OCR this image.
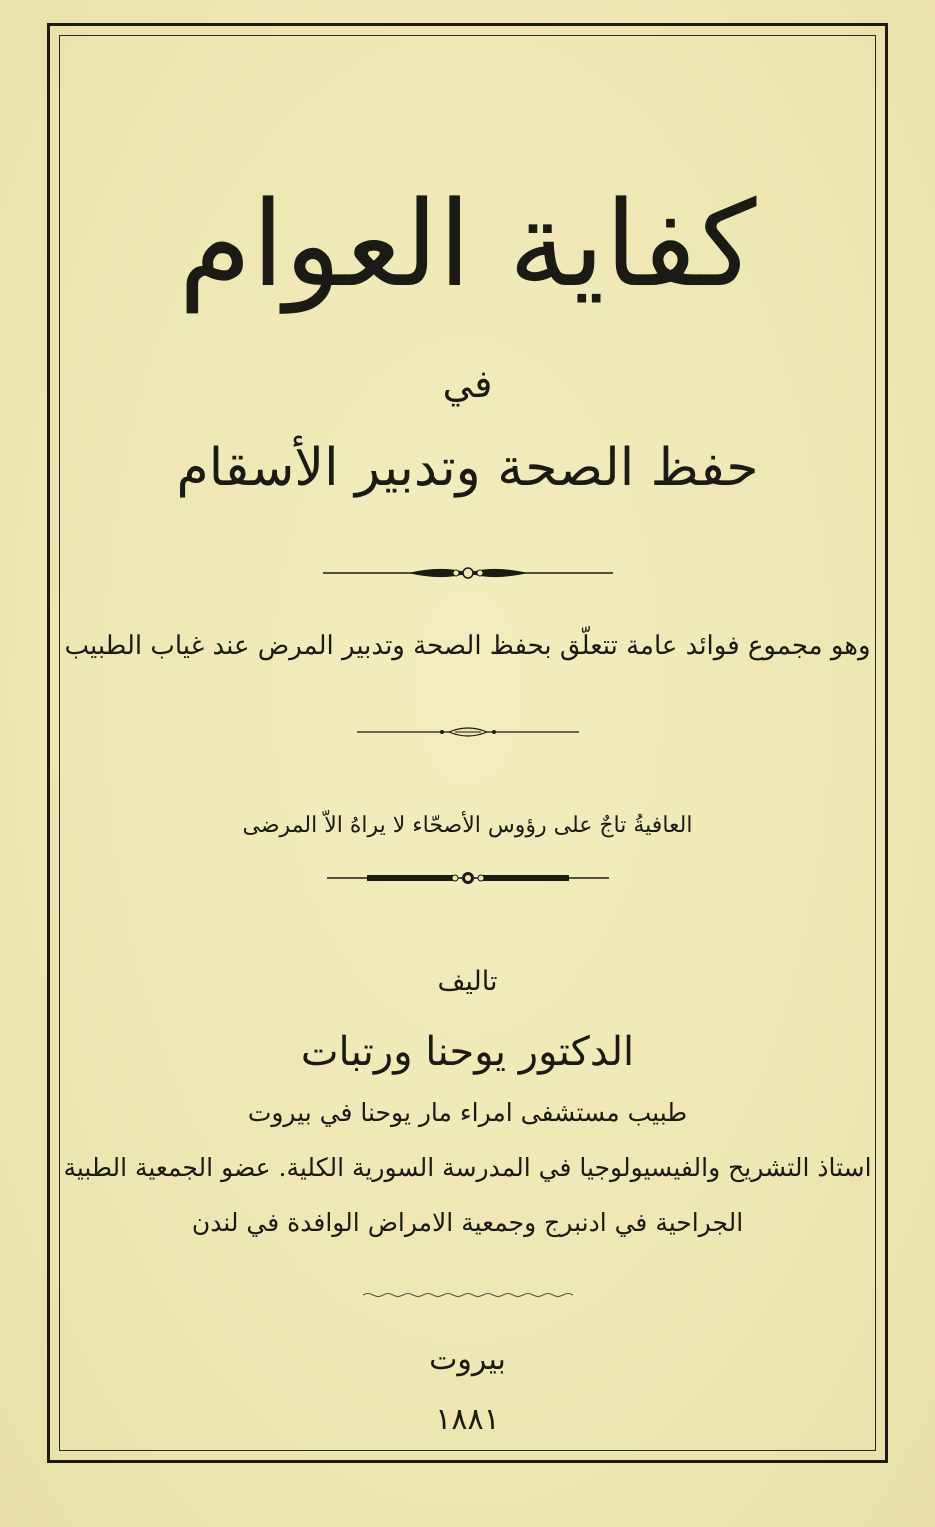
كفاية العوام
في
حفظ الصحة وتدبير الأسقام
وهو مجموع فوائد عامة تتعلّق بحفظ الصحة وتدبير المرض عند غياب الطبيب
العافيةُ تاجٌ على رؤوس الأصحّاء لا يراهُ الاّ المرضى
تاليف
الدكتور يوحنا ورتبات
طبيب مستشفى امراء مار يوحنا في بيروت
استاذ التشريح والفيسيولوجيا في المدرسة السورية الكلية. عضو الجمعية الطبية
الجراحية في ادنبرج وجمعية الامراض الوافدة في لندن
بيروت
١٨٨١
